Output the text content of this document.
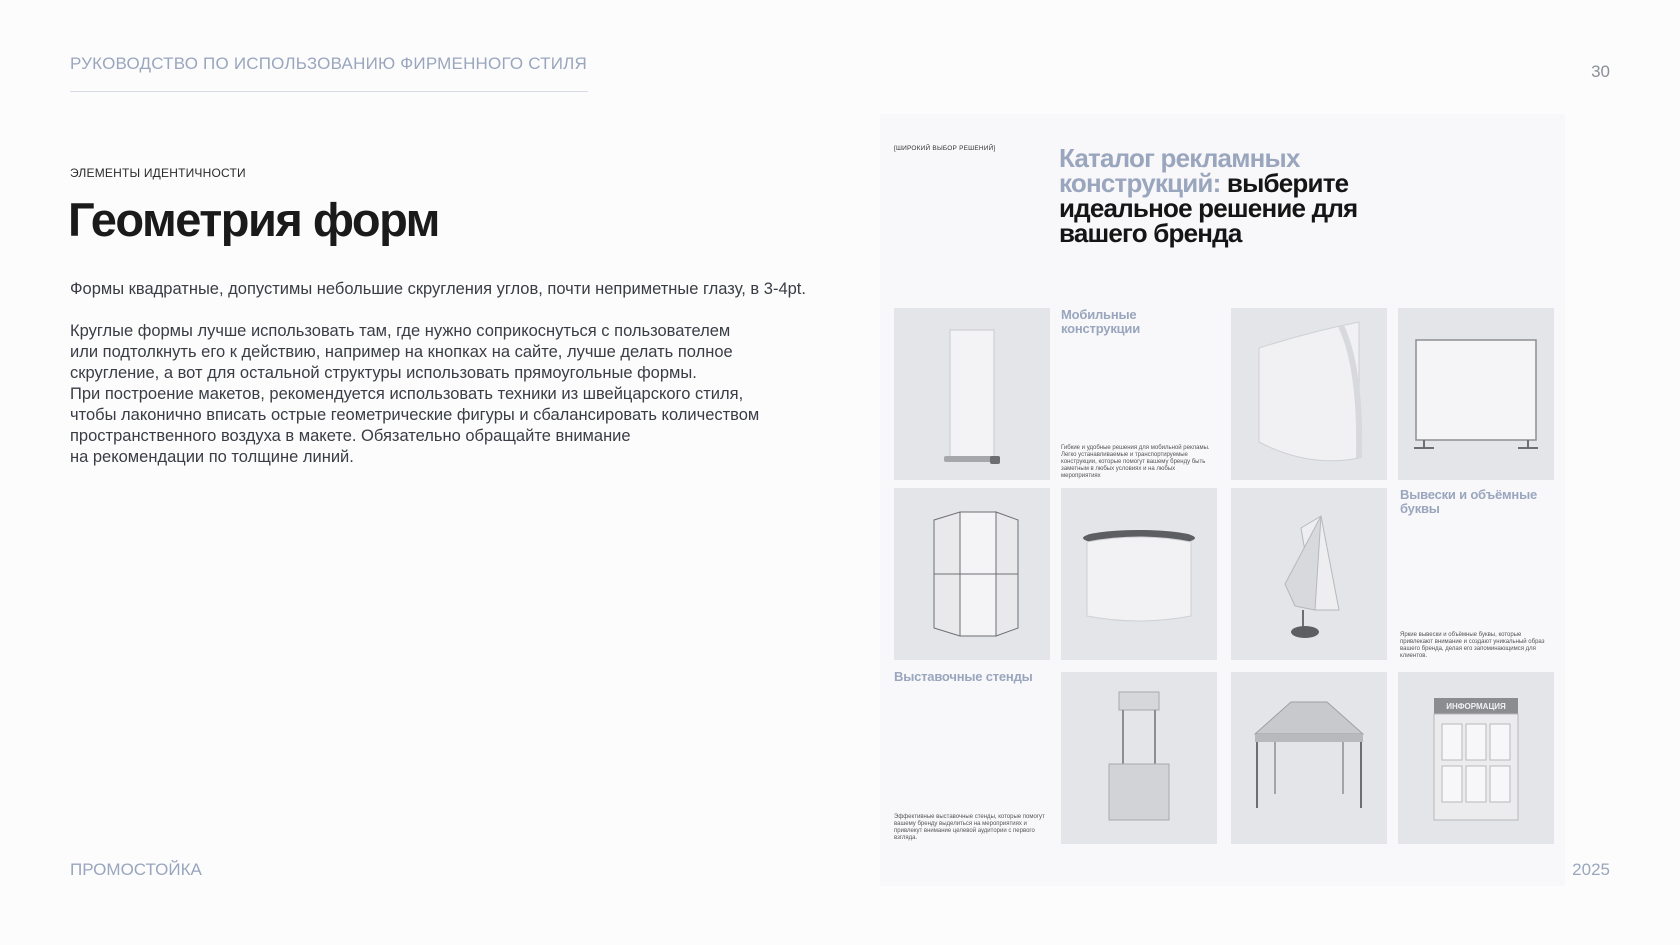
РУКОВОДСТВО ПО ИСПОЛЬЗОВАНИЮ ФИРМЕННОГО СТИЛЯ	30
ЭЛЕМЕНТЫ ИДЕНТИЧНОСТИ
Геометрия форм

Формы квадратные, допустимы небольшие скругления углов, почти неприметные глазу, в 3-4pt.

Круглые формы лучше использовать там, где нужно соприкоснуться с пользователем
или подтолкнуть его к действию, например на кнопках на сайте, лучше делать полное
скругление, а вот для остальной структуры использовать прямоугольные формы.
При построение макетов, рекомендуется использовать техники из швейцарского стиля,
чтобы лаконично вписать острые геометрические фигуры и сбалансировать количеством
пространственного воздуха в макете. Обязательно обращайте внимание
на рекомендации по толщине линий.

[ШИРОКИЙ ВЫБОР РЕШЕНИЙ] Каталог рекламных конструкций: выберите идеальное решение для вашего бренда
Мобильные конструкции
Гибкие и удобные решения для мобильной рекламы. Легко устанавливаемые и транспортируемые конструкции, которые помогут вашему бренду быть заметным в любых условиях и на любых мероприятиях
Вывески и объёмные буквы
Яркие вывески и объёмные буквы, которые привлекают внимание и создают уникальный образ вашего бренда, делая его запоминающимся для клиентов.
Выставочные стенды
Эффективные выставочные стенды, которые помогут вашему бренду выделиться на мероприятиях и привлекут внимание целевой аудитории с первого взгляда.
ИНФОРМАЦИЯ
ПРОМОСТОЙКА	2025
